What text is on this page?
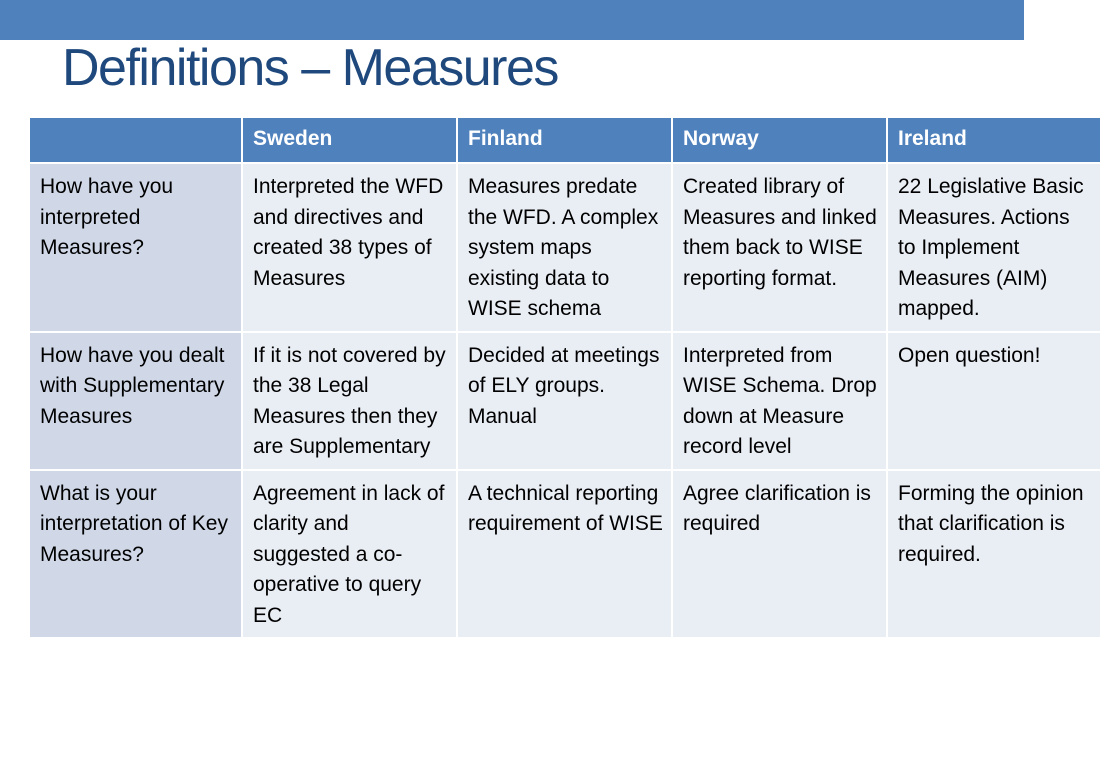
Definitions – Measures
	Sweden	Finland	Norway	Ireland
How have you interpreted Measures?	Interpreted the WFD and directives and created 38 types of Measures	Measures predate the WFD. A complex system maps existing data to WISE schema	Created library of Measures and linked them back to WISE reporting format.	22 Legislative Basic Measures. Actions to Implement Measures (AIM) mapped.
How have you dealt with Supplementary Measures	If it is not covered by the 38 Legal Measures then they are Supplementary	Decided at meetings of ELY groups. Manual	Interpreted from WISE Schema. Drop down at Measure record level	Open question!
What is your interpretation of Key Measures?	Agreement in lack of clarity and suggested a co-operative to query EC	A technical reporting requirement of WISE	Agree clarification is required	Forming the opinion that clarification is required.
